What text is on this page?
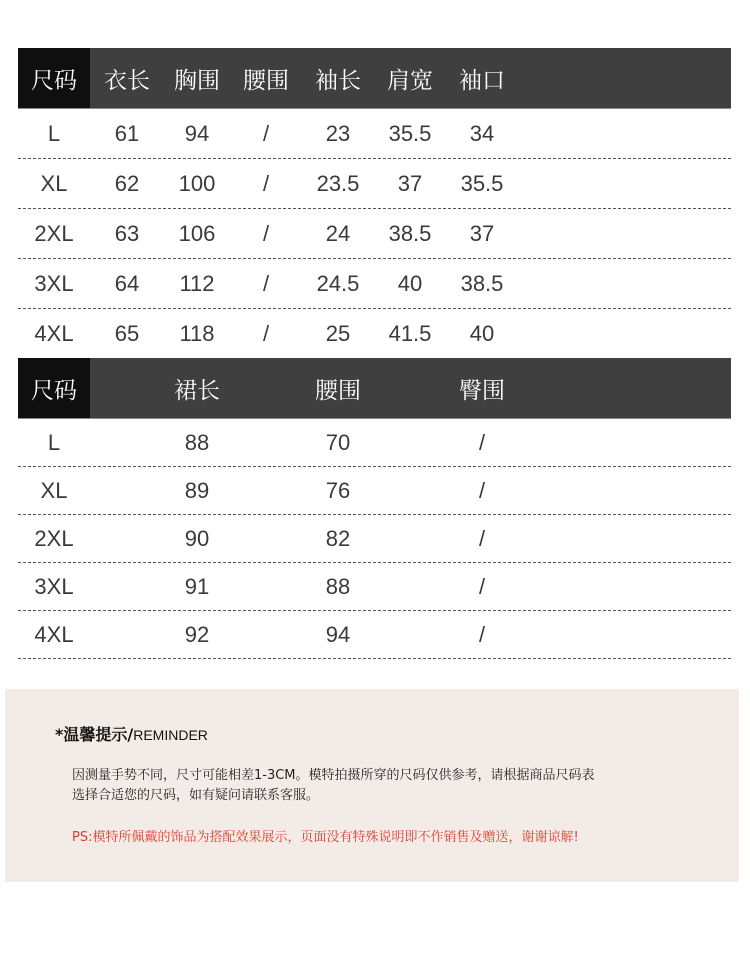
尺码	衣长	胸围	腰围	袖长	肩宽	袖口
L	61	94	/	23	35.5	34
XL	62	100	/	23.5	37	35.5
2XL	63	106	/	24	38.5	37
3XL	64	112	/	24.5	40	38.5
4XL	65	118	/	25	41.5	40
尺码	裙长	腰围	臀围
L	88	70	/
XL	89	76	/
2XL	90	82	/
3XL	91	88	/
4XL	92	94	/
*温馨提示/REMINDER
因测量手势不同，尺寸可能相差1-3CM。模特拍摄所穿的尺码仅供参考，请根据商品尺码表
选择合适您的尺码，如有疑问请联系客服。
PS:模特所佩戴的饰品为搭配效果展示，页面没有特殊说明即不作销售及赠送，谢谢谅解!
